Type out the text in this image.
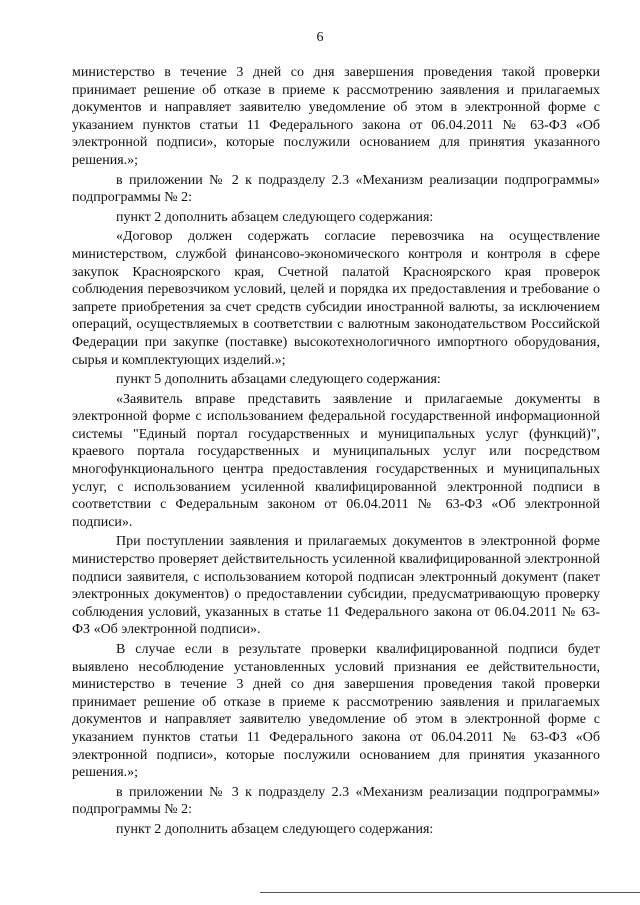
6

министерство в течение 3 дней со дня завершения проведения такой проверки принимает решение об отказе в приеме к рассмотрению заявления и прилагаемых документов и направляет заявителю уведомление об этом в электронной форме с указанием пунктов статьи 11 Федерального закона от 06.04.2011 № 63-ФЗ «Об электронной подписи», которые послужили основанием для принятия указанного решения.»;

в приложении № 2 к подразделу 2.3 «Механизм реализации подпрограммы» подпрограммы № 2:

пункт 2 дополнить абзацем следующего содержания:

«Договор должен содержать согласие перевозчика на осуществление министерством, службой финансово-экономического контроля и контроля в сфере закупок Красноярского края, Счетной палатой Красноярского края проверок соблюдения перевозчиком условий, целей и порядка их предоставления и требование о запрете приобретения за счет средств субсидии иностранной валюты, за исключением операций, осуществляемых в соответствии с валютным законодательством Российской Федерации при закупке (поставке) высокотехнологичного импортного оборудования, сырья и комплектующих изделий.»;

пункт 5 дополнить абзацами следующего содержания:

«Заявитель вправе представить заявление и прилагаемые документы в электронной форме с использованием федеральной государственной информационной системы "Единый портал государственных и муниципальных услуг (функций)", краевого портала государственных и муниципальных услуг или посредством многофункционального центра предоставления государственных и муниципальных услуг, с использованием усиленной квалифицированной электронной подписи в соответствии с Федеральным законом от 06.04.2011 № 63-ФЗ «Об электронной подписи».

При поступлении заявления и прилагаемых документов в электронной форме министерство проверяет действительность усиленной квалифицированной электронной подписи заявителя, с использованием которой подписан электронный документ (пакет электронных документов) о предоставлении субсидии, предусматривающую проверку соблюдения условий, указанных в статье 11 Федерального закона от 06.04.2011 № 63-ФЗ «Об электронной подписи».

В случае если в результате проверки квалифицированной подписи будет выявлено несоблюдение установленных условий признания ее действительности, министерство в течение 3 дней со дня завершения проведения такой проверки принимает решение об отказе в приеме к рассмотрению заявления и прилагаемых документов и направляет заявителю уведомление об этом в электронной форме с указанием пунктов статьи 11 Федерального закона от 06.04.2011 № 63-ФЗ «Об электронной подписи», которые послужили основанием для принятия указанного решения.»;

в приложении № 3 к подразделу 2.3 «Механизм реализации подпрограммы» подпрограммы № 2:

пункт 2 дополнить абзацем следующего содержания:
